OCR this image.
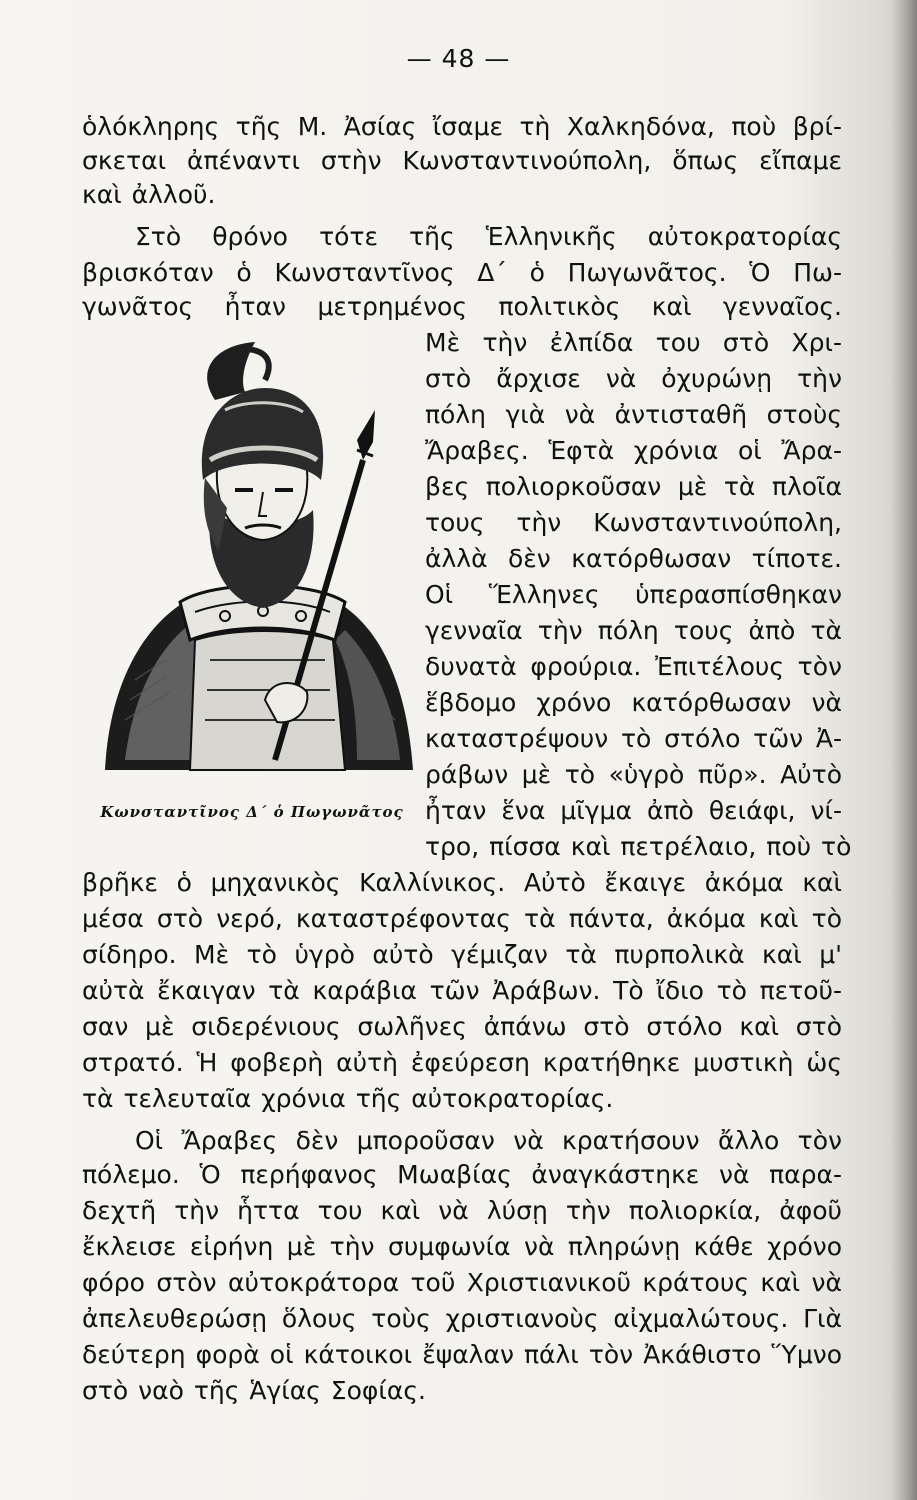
— 48 —
ὁλόκληρης τῆς Μ. Ἀσίας ἴσαμε τὴ Χαλκηδόνα, ποὺ βρί-
σκεται ἀπέναντι στὴν Κωνσταντινούπολη, ὅπως εἴπαμε
καὶ ἀλλοῦ.
Στὸ θρόνο τότε τῆς Ἑλληνικῆς αὐτοκρατορίας
βρισκόταν ὁ Κωνσταντῖνος Δ΄ ὁ Πωγωνᾶτος. Ὁ Πω-
γωνᾶτος ἦταν μετρημένος πολιτικὸς καὶ γενναῖος.
Μὲ τὴν ἐλπίδα του στὸ Χρι-
στὸ ἄρχισε νὰ ὀχυρώνῃ τὴν
πόλη γιὰ νὰ ἀντισταθῆ στοὺς
Ἄραβες. Ἑφτὰ χρόνια οἱ Ἄρα-
βες πολιορκοῦσαν μὲ τὰ πλοῖα
τους τὴν Κωνσταντινούπολη,
ἀλλὰ δὲν κατόρθωσαν τίποτε.
Οἱ Ἕλληνες ὑπερασπίσθηκαν
γενναῖα τὴν πόλη τους ἀπὸ τὰ
δυνατὰ φρούρια. Ἐπιτέλους τὸν
ἕβδομο χρόνο κατόρθωσαν νὰ
καταστρέψουν τὸ στόλο τῶν Ἀ-
ράβων μὲ τὸ «ὑγρὸ πῦρ». Αὐτὸ
ἦταν ἕνα μῖγμα ἀπὸ θειάφι, νί-
τρο, πίσσα καὶ πετρέλαιο, ποὺ τὸ
βρῆκε ὁ μηχανικὸς Καλλίνικος. Αὐτὸ ἔκαιγε ἀκόμα καὶ
μέσα στὸ νερό, καταστρέφοντας τὰ πάντα, ἀκόμα καὶ τὸ
σίδηρο. Μὲ τὸ ὑγρὸ αὐτὸ γέμιζαν τὰ πυρπολικὰ καὶ μ'
αὐτὰ ἔκαιγαν τὰ καράβια τῶν Ἀράβων. Τὸ ἴδιο τὸ πετοῦ-
σαν μὲ σιδερένιους σωλῆνες ἀπάνω στὸ στόλο καὶ στὸ
στρατό. Ἡ φοβερὴ αὐτὴ ἐφεύρεση κρατήθηκε μυστικὴ ὡς
τὰ τελευταῖα χρόνια τῆς αὐτοκρατορίας.
Οἱ Ἄραβες δὲν μποροῦσαν νὰ κρατήσουν ἄλλο τὸν
πόλεμο. Ὁ περήφανος Μωαβίας ἀναγκάστηκε νὰ παρα-
δεχτῆ τὴν ἧττα του καὶ νὰ λύσῃ τὴν πολιορκία, ἀφοῦ
ἔκλεισε εἰρήνη μὲ τὴν συμφωνία νὰ πληρώνῃ κάθε χρόνο
φόρο στὸν αὐτοκράτορα τοῦ Χριστιανικοῦ κράτους καὶ νὰ
ἀπελευθερώσῃ ὅλους τοὺς χριστιανοὺς αἰχμαλώτους. Γιὰ
δεύτερη φορὰ οἱ κάτοικοι ἔψαλαν πάλι τὸν Ἀκάθιστο Ὕμνο
στὸ ναὸ τῆς Ἁγίας Σοφίας.
Κωνσταντῖνος Δ΄ ὁ Πωγωνᾶτος
